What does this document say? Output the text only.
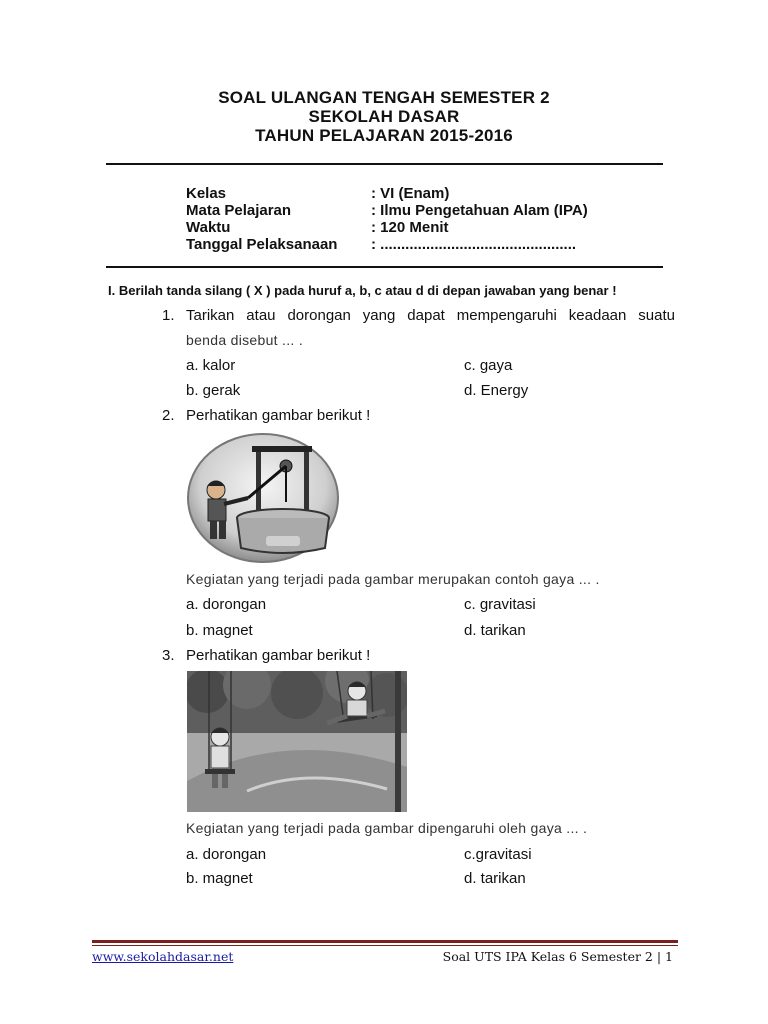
SOAL ULANGAN TENGAH SEMESTER 2
SEKOLAH DASAR
TAHUN PELAJARAN 2015-2016
Kelas	: VI (Enam)
Mata Pelajaran	: Ilmu Pengetahuan Alam (IPA)
Waktu	: 120 Menit
Tanggal Pelaksanaan : ...............................................
I. Berilah tanda silang ( X ) pada huruf a, b, c atau d di depan jawaban yang benar !
1. Tarikan atau dorongan yang dapat mempengaruhi keadaan suatu
benda disebut ... .
a. kalor	c. gaya
b. gerak	d. Energy
2. Perhatikan gambar berikut !
Kegiatan yang terjadi pada gambar merupakan contoh gaya ... .
a. dorongan	c. gravitasi
b. magnet	d. tarikan
3. Perhatikan gambar berikut !
Kegiatan yang terjadi pada gambar dipengaruhi oleh gaya ... .
a. dorongan	c.gravitasi
b. magnet	d. tarikan
www.sekolahdasar.net	Soal UTS IPA Kelas 6 Semester 2 | 1
